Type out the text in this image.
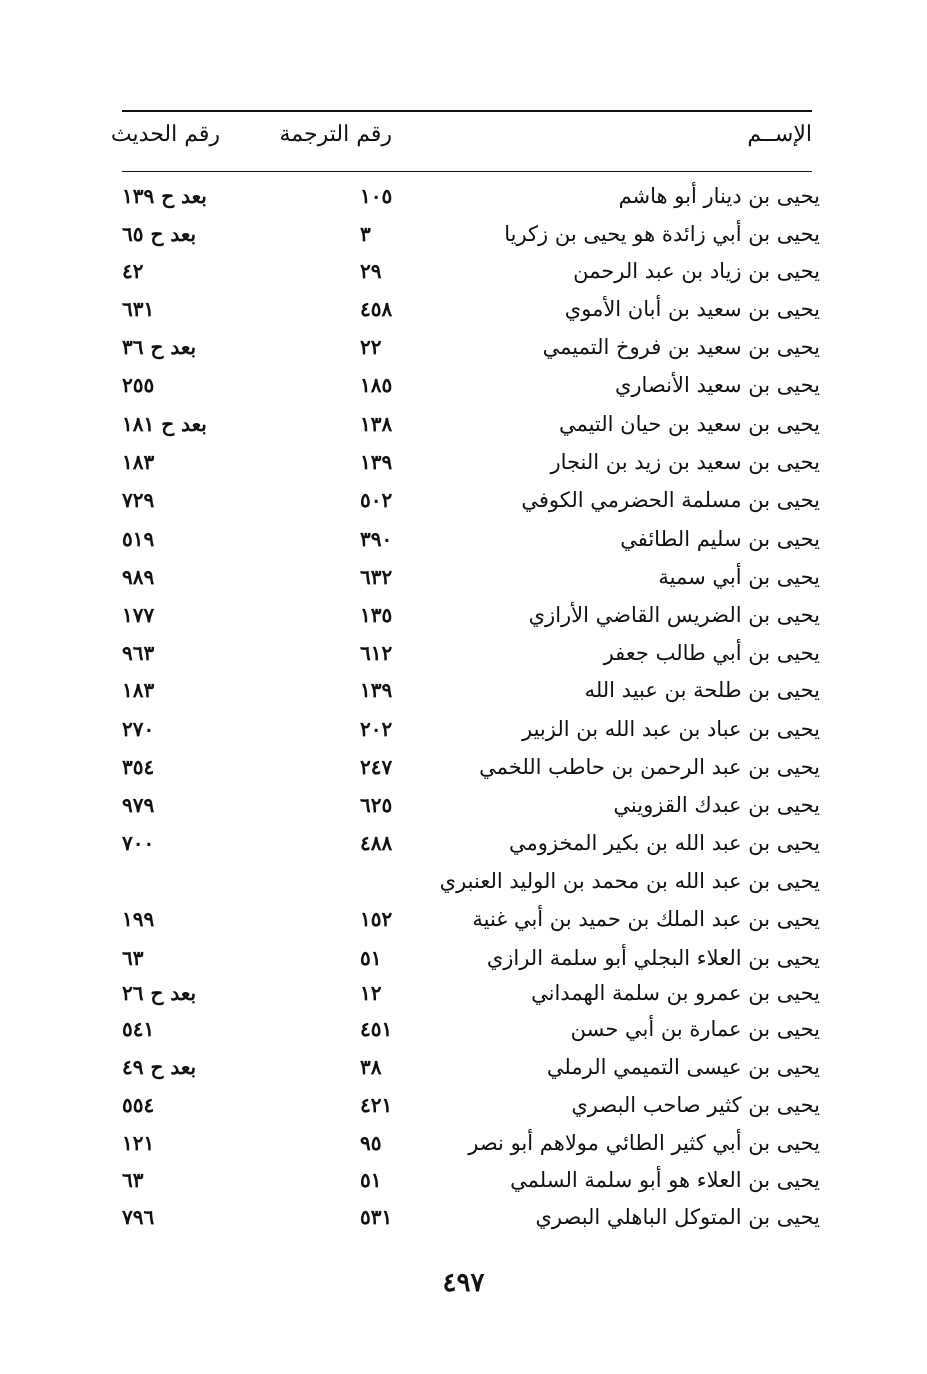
الإســم
رقم الترجمة
رقم الحديث
يحيى بن دينار أبو هاشم
١٠٥
بعد ح ١٣٩
يحيى بن أبي زائدة هو يحيى بن زكريا
٣
بعد ح ٦٥
يحيى بن زياد بن عبد الرحمن
٢٩
٤٢
يحيى بن سعيد بن أبان الأموي
٤٥٨
٦٣١
يحيى بن سعيد بن فروخ التميمي
٢٢
بعد ح ٣٦
يحيى بن سعيد الأنصاري
١٨٥
٢٥٥
يحيى بن سعيد بن حيان التيمي
١٣٨
بعد ح ١٨١
يحيى بن سعيد بن زيد بن النجار
١٣٩
١٨٣
يحيى بن مسلمة الحضرمي الكوفي
٥٠٢
٧٢٩
يحيى بن سليم الطائفي
٣٩٠
٥١٩
يحيى بن أبي سمية
٦٣٢
٩٨٩
يحيى بن الضريس القاضي الأرازي
١٣٥
١٧٧
يحيى بن أبي طالب جعفر
٦١٢
٩٦٣
يحيى بن طلحة بن عبيد الله
١٣٩
١٨٣
يحيى بن عباد بن عبد الله بن الزبير
٢٠٢
٢٧٠
يحيى بن عبد الرحمن بن حاطب اللخمي
٢٤٧
٣٥٤
يحيى بن عبدك القزويني
٦٢٥
٩٧٩
يحيى بن عبد الله بن بكير المخزومي
٤٨٨
٧٠٠
يحيى بن عبد الله بن محمد بن الوليد العنبري
يحيى بن عبد الملك بن حميد بن أبي غنية
١٥٢
١٩٩
يحيى بن العلاء البجلي أبو سلمة الرازي
٥١
٦٣
يحيى بن عمرو بن سلمة الهمداني
١٢
بعد ح ٢٦
يحيى بن عمارة بن أبي حسن
٤٥١
٥٤١
يحيى بن عيسى التميمي الرملي
٣٨
بعد ح ٤٩
يحيى بن كثير صاحب البصري
٤٢١
٥٥٤
يحيى بن أبي كثير الطائي مولاهم أبو نصر
٩٥
١٢١
يحيى بن العلاء هو أبو سلمة السلمي
٥١
٦٣
يحيى بن المتوكل الباهلي البصري
٥٣١
٧٩٦
٤٩٧
